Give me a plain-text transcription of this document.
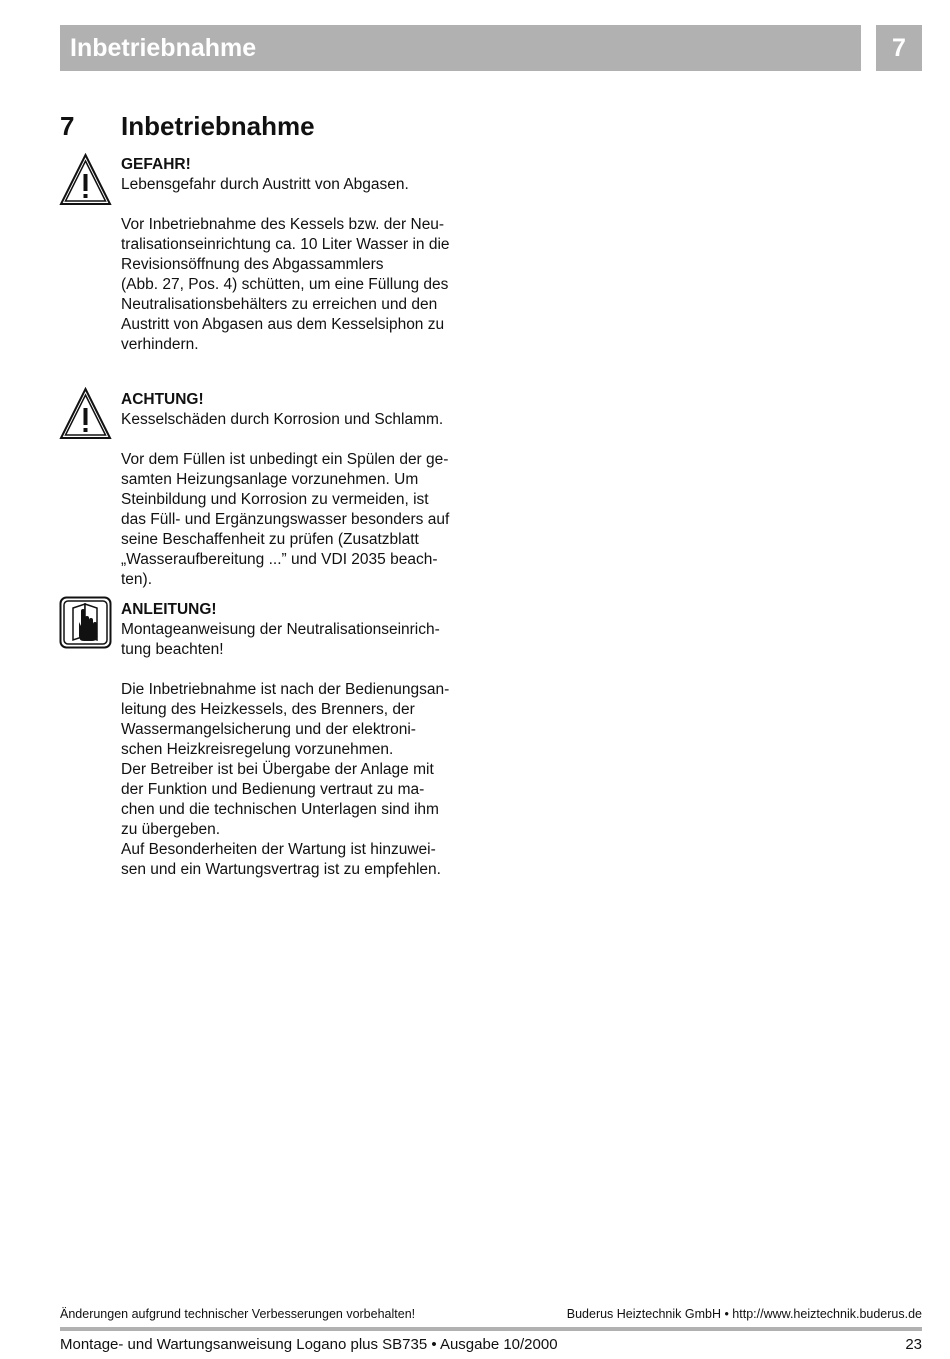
Inbetriebnahme	7
7 Inbetriebnahme

GEFAHR!

Lebensgefahr durch Austritt von Abgasen.

Vor Inbetriebnahme des Kessels bzw. der Neu-

tralisationseinrichtung ca. 10 Liter Wasser in die

Revisionsöffnung des Abgassammlers

(Abb. 27, Pos. 4) schütten, um eine Füllung des

Neutralisationsbehälters zu erreichen und den

Austritt von Abgasen aus dem Kesselsiphon zu

verhindern.

ACHTUNG!

Kesselschäden durch Korrosion und Schlamm.

Vor dem Füllen ist unbedingt ein Spülen der ge-

samten Heizungsanlage vorzunehmen. Um

Steinbildung und Korrosion zu vermeiden, ist

das Füll- und Ergänzungswasser besonders auf

seine Beschaffenheit zu prüfen (Zusatzblatt

„Wasseraufbereitung ...” und VDI 2035 beach-

ten).

ANLEITUNG!

Montageanweisung der Neutralisationseinrich-

tung beachten!

Die Inbetriebnahme ist nach der Bedienungsan-

leitung des Heizkessels, des Brenners, der

Wassermangelsicherung und der elektroni-

schen Heizkreisregelung vorzunehmen.

Der Betreiber ist bei Übergabe der Anlage mit

der Funktion und Bedienung vertraut zu ma-

chen und die technischen Unterlagen sind ihm

zu übergeben.

Auf Besonderheiten der Wartung ist hinzuwei-

sen und ein Wartungsvertrag ist zu empfehlen.

Änderungen aufgrund technischer Verbesserungen vorbehalten!	Buderus Heiztechnik GmbH • http://www.heiztechnik.buderus.de
Montage- und Wartungsanweisung Logano plus SB735 • Ausgabe 10/2000	23
